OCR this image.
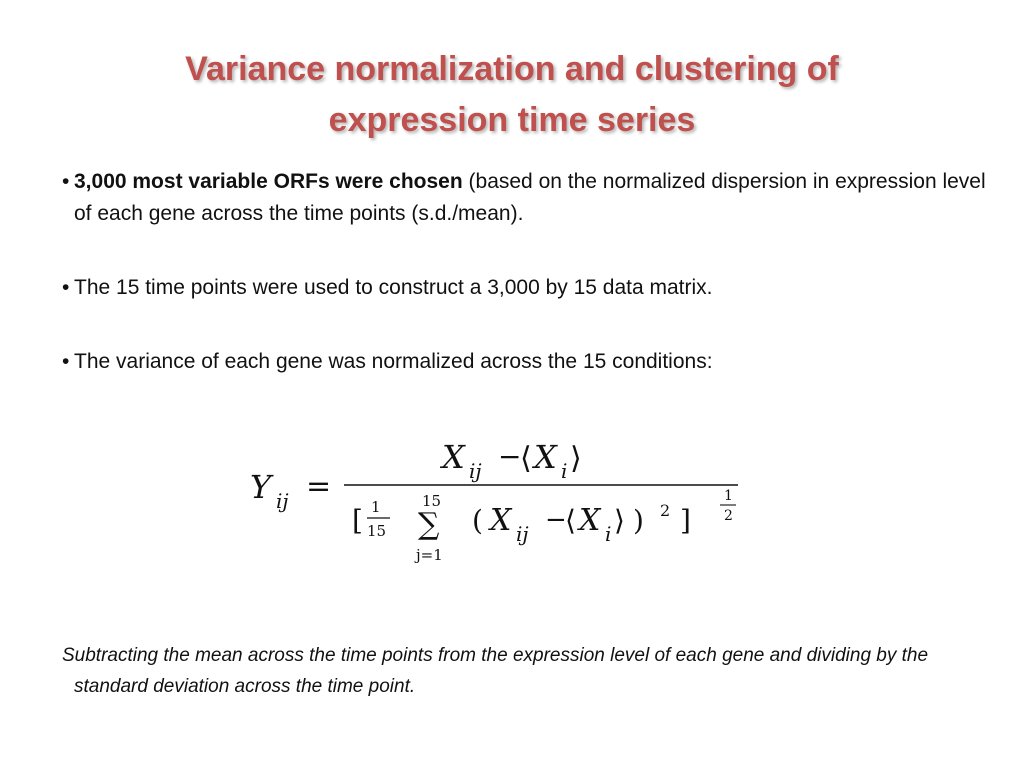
Variance normalization and clustering of
expression time series

• 3,000 most variable ORFs were chosen (based on the normalized dispersion in expression level of each gene across the time points (s.d./mean).

• The 15 time points were used to construct a 3,000 by 15 data matrix.

• The variance of each gene was normalized across the 15 conditions:

Y ij =
X ij −
⟨ X i ⟩
[ 1
15
15
∑
j=1
( X ij −
⟨ X i ⟩ ) 2 ]
1
2

Subtracting the mean across the time points from the expression level of each gene and dividing by the standard deviation across the time point.
